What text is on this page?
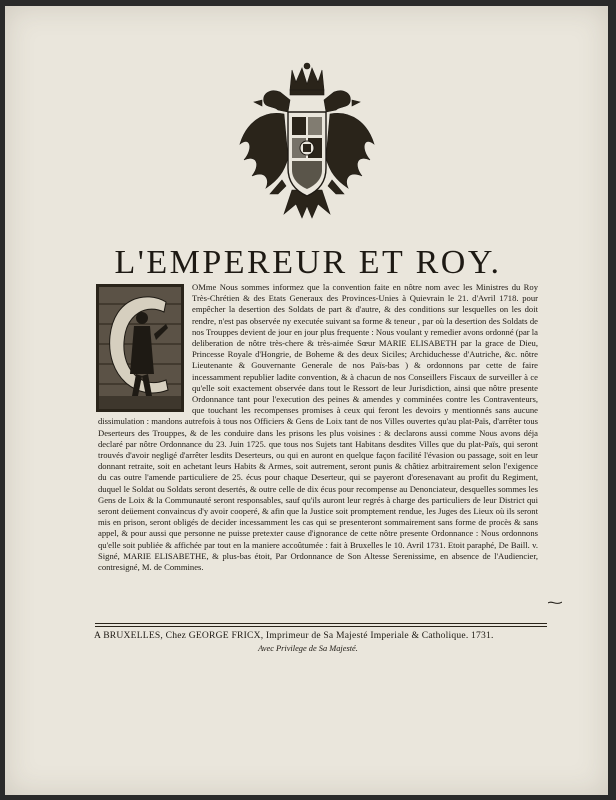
L'EMPEREUR ET ROY.
OMme Nous sommes informez que la convention faite en nôtre nom avec les Ministres du Roy Très-Chrétien & des Etats Generaux des Provinces-Unies à Quievrain le 21. d'Avril 1718. pour empêcher la desertion des Soldats de part & d'autre, & des conditions sur lesquelles on les doit rendre, n'est pas observée ny executée suivant sa forme & teneur , par où la desertion des Soldats de nos Trouppes devient de jour en jour plus frequente : Nous voulant y remedier avons ordonné (par la deliberation de nôtre très-chere & très-aimée Sœur MARIE ELISABETH par la grace de Dieu, Princesse Royale d'Hongrie, de Boheme & des deux Siciles; Archiduchesse d'Autriche, &c. nôtre Lieutenante & Gouvernante Generale de nos Païs-bas ) & ordonnons par cette de faire incessamment republier ladite convention, & à chacun de nos Conseillers Fiscaux de surveiller à ce qu'elle soit exactement observée dans tout le Ressort de leur Jurisdiction, ainsi que nôtre presente Ordonnance tant pour l'execution des peines & amendes y comminées contre les Contraventeurs, que touchant les recompenses promises à ceux qui feront les devoirs y mentionnés sans aucune dissimulation : mandons autrefois à tous nos Officiers & Gens de Loix tant de nos Villes ouvertes qu'au plat-Païs, d'arrêter tous Deserteurs des Trouppes, & de les conduire dans les prisons les plus voisines : & declarons aussi comme Nous avons déja declaré par nôtre Ordonnance du 23. Juin 1725. que tous nos Sujets tant Habitans desdites Villes que du plat-Païs, qui seront trouvés d'avoir negligé d'arrêter lesdits Deserteurs, ou qui en auront en quelque façon facilité l'évasion ou passage, soit en leur donnant retraite, soit en achetant leurs Habits & Armes, soit autrement, seront punis & châtiez arbitrairement selon l'exigence du cas outre l'amende particuliere de 25. écus pour chaque Deserteur, qui se payeront d'oresenavant au profit du Regiment, duquel le Soldat ou Soldats seront desertés, & outre celle de dix écus pour recompense au Denonciateur, desquelles sommes les Gens de Loix & la Communauté seront responsables, sauf qu'ils auront leur regrés à charge des particuliers de leur District qui seront deüement convaincus d'y avoir cooperé, & afin que la Justice soit promptement rendue, les Juges des Lieux où ils seront mis en prison, seront obligés de decider incessamment les cas qui se presenteront sommairement sans forme de procès & sans appel, & pour aussi que personne ne puisse pretexter cause d'ignorance de cette nôtre presente Ordonnance : Nous ordonnons qu'elle soit publiée & affichée par tout en la maniere accoûtumée : fait à Bruxelles le 10. Avril 1731. Etoit paraphé, De Baill. v. Signé, MARIE ELISABETHE, & plus-bas étoit, Par Ordonnance de Son Altesse Serenissime, en absence de l'Audiencier, contresigné, M. de Commines.

A BRUXELLES, Chez GEORGE FRICX, Imprimeur de Sa Majesté Imperiale & Catholique. 1731.

Avec Privilege de Sa Majesté.
